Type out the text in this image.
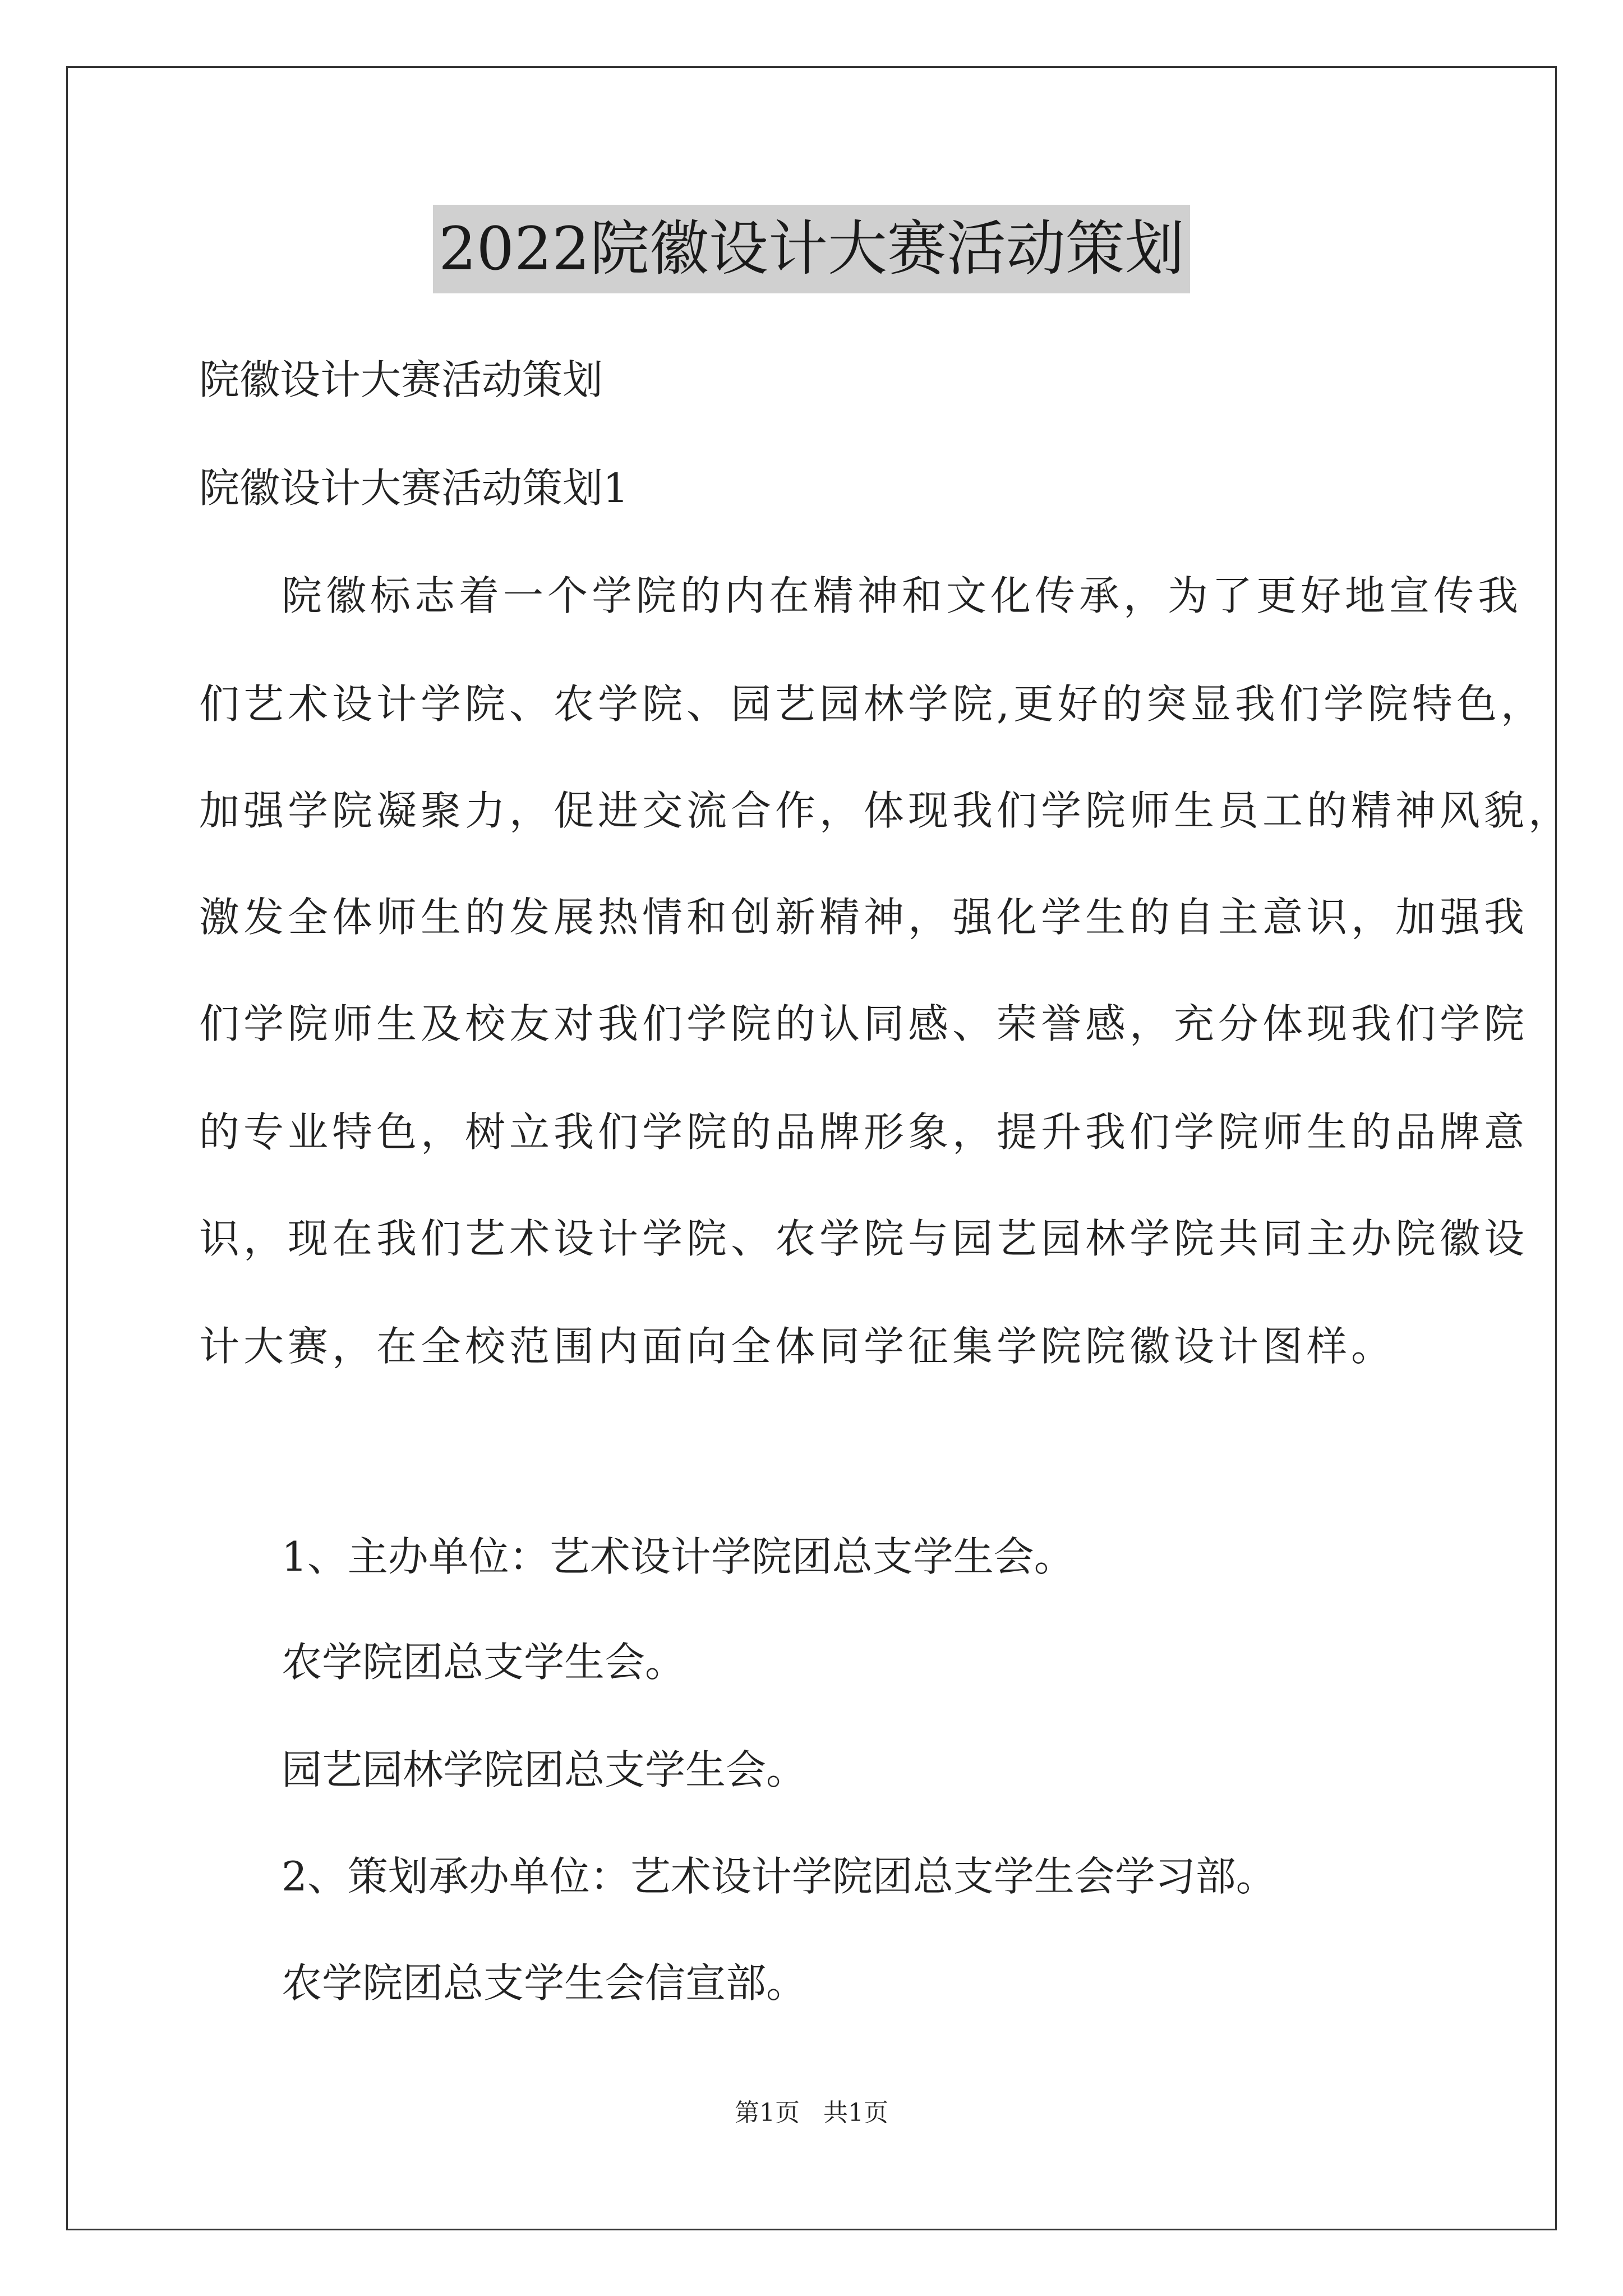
2022院徽设计大赛活动策划
院徽设计大赛活动策划
院徽设计大赛活动策划1
院徽标志着一个学院的内在精神和文化传承，为了更好地宣传我
们艺术设计学院、农学院、园艺园林学院,更好的突显我们学院特色，
加强学院凝聚力，促进交流合作，体现我们学院师生员工的精神风貌，
激发全体师生的发展热情和创新精神，强化学生的自主意识，加强我
们学院师生及校友对我们学院的认同感、荣誉感，充分体现我们学院
的专业特色，树立我们学院的品牌形象，提升我们学院师生的品牌意
识，现在我们艺术设计学院、农学院与园艺园林学院共同主办院徽设
计大赛，在全校范围内面向全体同学征集学院院徽设计图样。
1、主办单位：艺术设计学院团总支学生会。
农学院团总支学生会。
园艺园林学院团总支学生会。
2、策划承办单位：艺术设计学院团总支学生会学习部。
农学院团总支学生会信宣部。
第1页   共1页
